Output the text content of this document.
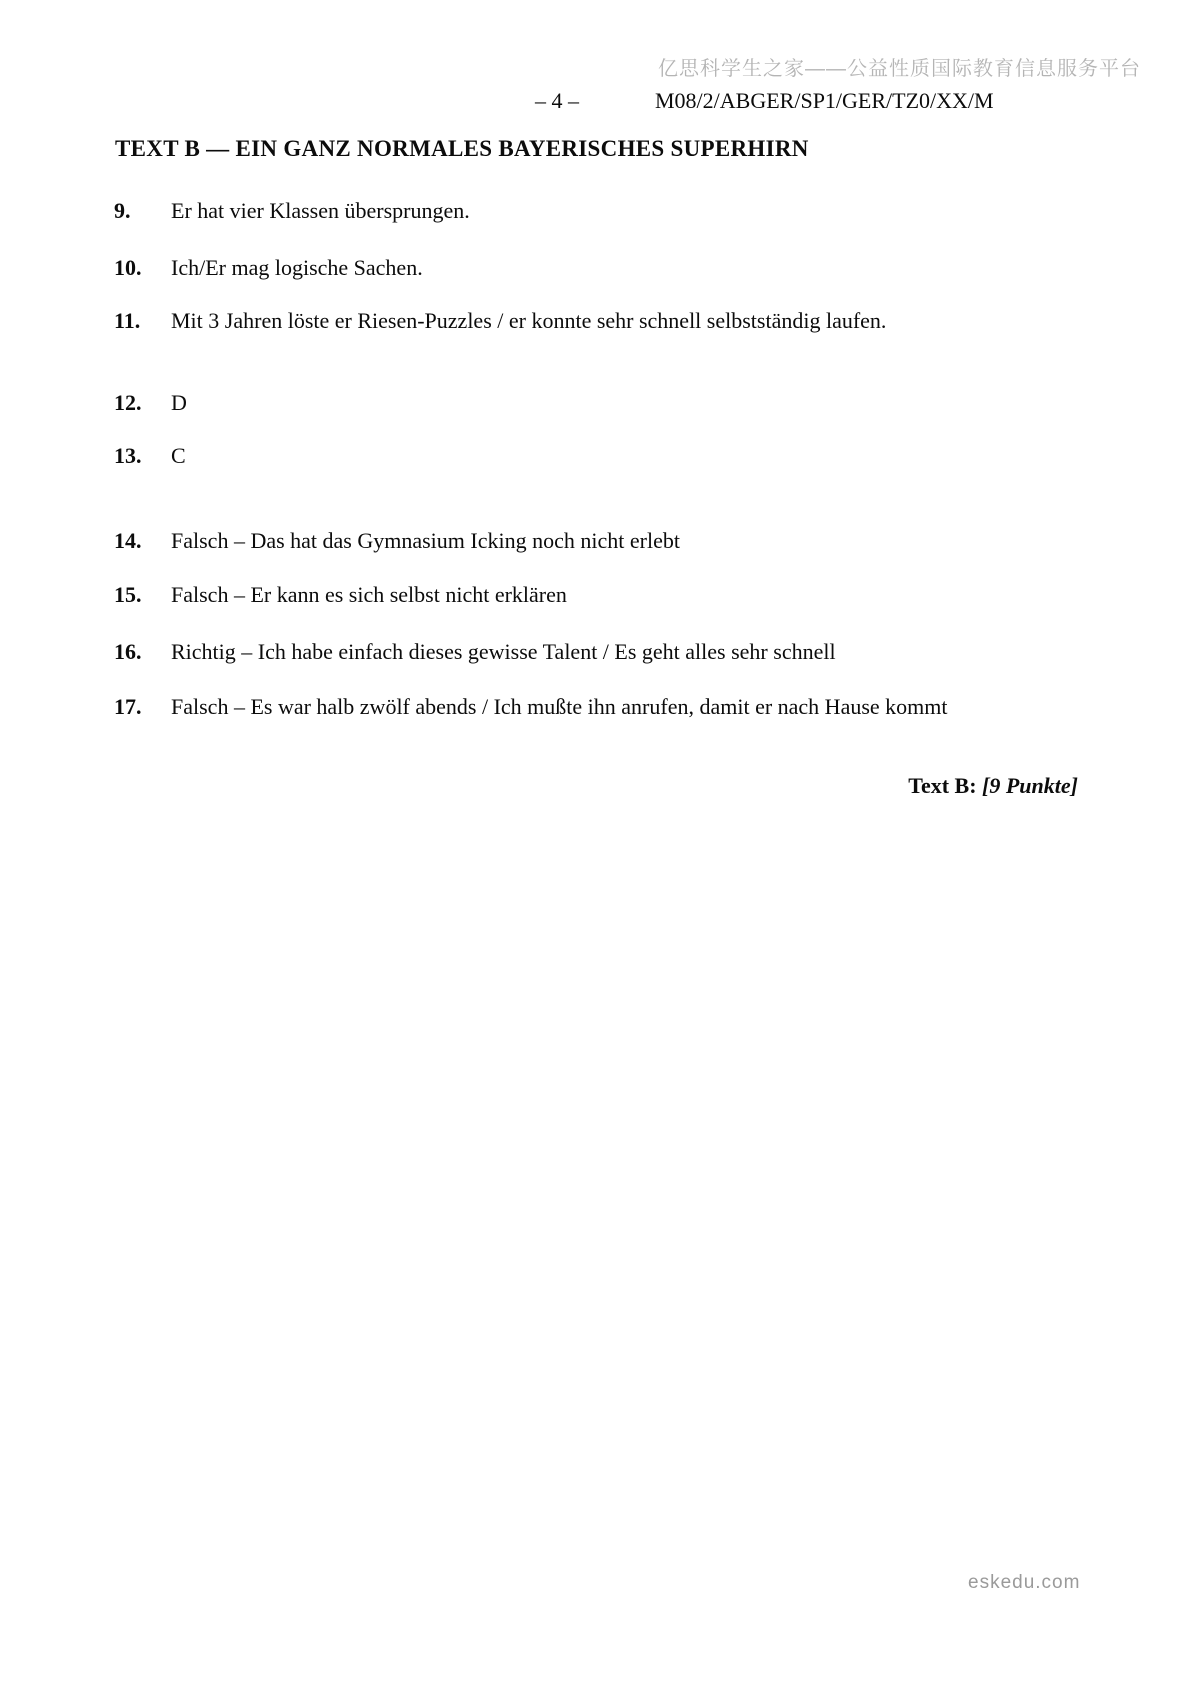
亿思科学生之家——公益性质国际教育信息服务平台
– 4 –	M08/2/ABGER/SP1/GER/TZ0/XX/M
TEXT B — EIN GANZ NORMALES BAYERISCHES SUPERHIRN
9. Er hat vier Klassen übersprungen.
10. Ich/Er mag logische Sachen.
11. Mit 3 Jahren löste er Riesen-Puzzles / er konnte sehr schnell selbstständig laufen.
12. D
13. C
14. Falsch – Das hat das Gymnasium Icking noch nicht erlebt
15. Falsch – Er kann es sich selbst nicht erklären
16. Richtig – Ich habe einfach dieses gewisse Talent / Es geht alles sehr schnell
17. Falsch – Es war halb zwölf abends / Ich mußte ihn anrufen, damit er nach Hause kommt
Text B: [9 Punkte]
eskedu.com
